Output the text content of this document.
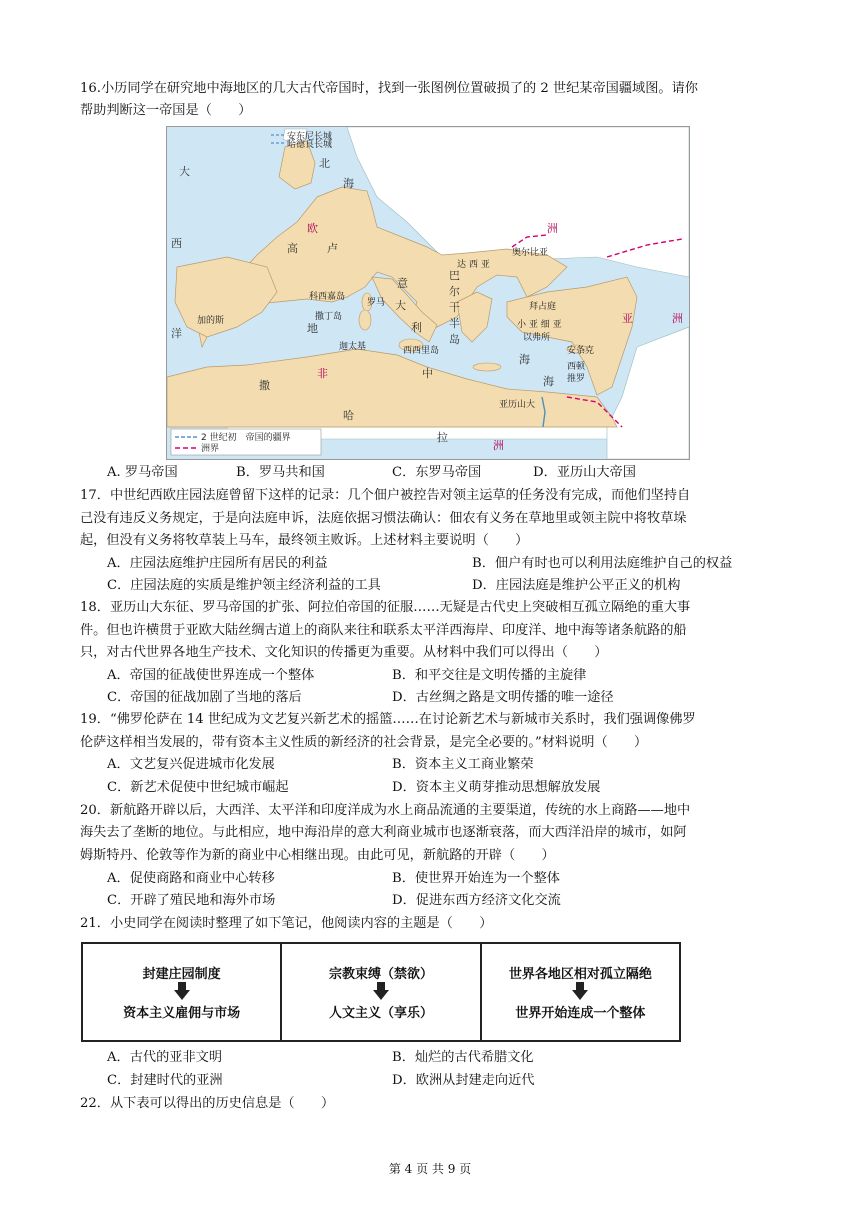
16.小历同学在研究地中海地区的几大古代帝国时，找到一张图例位置破损了的 2 世纪某帝国疆域图。请你
帮助判断这一帝国是（　　）
安东尼长城
哈德良长城
大
西
洋
北
海
欧	洲
高	卢
达 西 亚
奥尔比亚
意
巴
尔
干
半
岛
科西嘉岛
罗马 大
利
撒丁岛
加的斯
地
迦太基	西西里岛
拜占庭
小 亚 细 亚
以弗所
亚	洲
安条克
西顿
推罗
非	中
海
海
撒
哈
拉
亚历山大
洲
2 世纪初　帝国的疆界
洲界
A. 罗马帝国	B．罗马共和国	C．东罗马帝国	D．亚历山大帝国
17．中世纪西欧庄园法庭曾留下这样的记录：几个佃户被控告对领主运草的任务没有完成，而他们坚持自
己没有违反义务规定，于是向法庭申诉，法庭依据习惯法确认：佃农有义务在草地里或领主院中将牧草垛
起，但没有义务将牧草装上马车，最终领主败诉。上述材料主要说明（　　）
A．庄园法庭维护庄园所有居民的利益	B．佃户有时也可以利用法庭维护自己的权益
C．庄园法庭的实质是维护领主经济利益的工具	D．庄园法庭是维护公平正义的机构
18．亚历山大东征、罗马帝国的扩张、阿拉伯帝国的征服……无疑是古代史上突破相互孤立隔绝的重大事
件。但也许横贯于亚欧大陆丝绸古道上的商队来往和联系太平洋西海岸、印度洋、地中海等诸条航路的船
只，对古代世界各地生产技术、文化知识的传播更为重要。从材料中我们可以得出（　　）
A．帝国的征战使世界连成一个整体	B．和平交往是文明传播的主旋律
C．帝国的征战加剧了当地的落后	D．古丝绸之路是文明传播的唯一途径
19．“佛罗伦萨在 14 世纪成为文艺复兴新艺术的摇篮……在讨论新艺术与新城市关系时，我们强调像佛罗
伦萨这样相当发展的，带有资本主义性质的新经济的社会背景，是完全必要的。”材料说明（　　）
A．文艺复兴促进城市化发展	B．资本主义工商业繁荣
C．新艺术促使中世纪城市崛起	D．资本主义萌芽推动思想解放发展
20．新航路开辟以后，大西洋、太平洋和印度洋成为水上商品流通的主要渠道，传统的水上商路——地中
海失去了垄断的地位。与此相应，地中海沿岸的意大利商业城市也逐渐衰落，而大西洋沿岸的城市，如阿
姆斯特丹、伦敦等作为新的商业中心相继出现。由此可见，新航路的开辟（　　）
A．促使商路和商业中心转移	B．使世界开始连为一个整体
C．开辟了殖民地和海外市场	D．促进东西方经济文化交流
21．小史同学在阅读时整理了如下笔记，他阅读内容的主题是（　　）
封建庄园制度
资本主义雇佣与市场
宗教束缚（禁欲）
人文主义（享乐）
世界各地区相对孤立隔绝
世界开始连成一个整体
A．古代的亚非文明	B．灿烂的古代希腊文化
C．封建时代的亚洲	D．欧洲从封建走向近代
22．从下表可以得出的历史信息是（　　）
第 4 页 共 9 页
